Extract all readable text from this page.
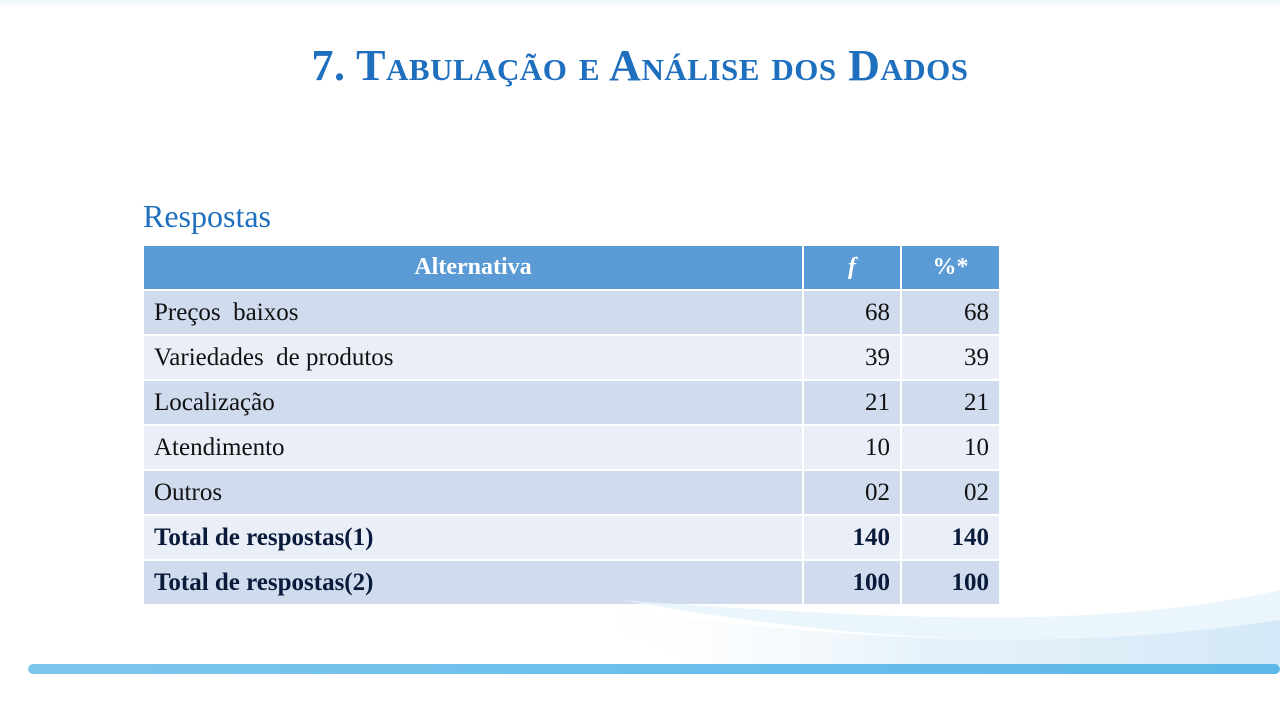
7. Tabulação e Análise dos Dados

Respostas

Alternativa	f	%*
Preços  baixos	68	68
Variedades  de produtos	39	39
Localização	21	21
Atendimento	10	10
Outros	02	02
Total de respostas(1)	140	140
Total de respostas(2)	100	100
